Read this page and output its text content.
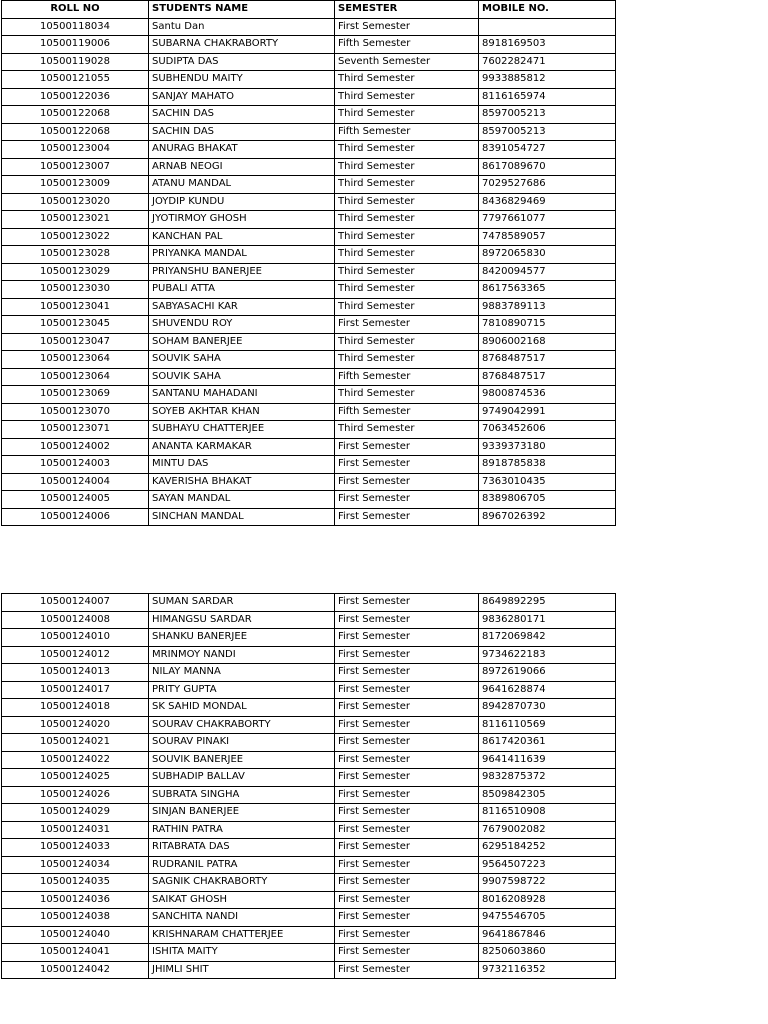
ROLL NO	STUDENTS NAME	SEMESTER	MOBILE NO.
10500118034	Santu Dan	First Semester	
10500119006	SUBARNA CHAKRABORTY	Fifth Semester	8918169503
10500119028	SUDIPTA DAS	Seventh Semester	7602282471
10500121055	SUBHENDU MAITY	Third Semester	9933885812
10500122036	SANJAY MAHATO	Third Semester	8116165974
10500122068	SACHIN DAS	Third Semester	8597005213
10500122068	SACHIN DAS	Fifth Semester	8597005213
10500123004	ANURAG BHAKAT	Third Semester	8391054727
10500123007	ARNAB NEOGI	Third Semester	8617089670
10500123009	ATANU MANDAL	Third Semester	7029527686
10500123020	JOYDIP KUNDU	Third Semester	8436829469
10500123021	JYOTIRMOY GHOSH	Third Semester	7797661077
10500123022	KANCHAN PAL	Third Semester	7478589057
10500123028	PRIYANKA MANDAL	Third Semester	8972065830
10500123029	PRIYANSHU BANERJEE	Third Semester	8420094577
10500123030	PUBALI ATTA	Third Semester	8617563365
10500123041	SABYASACHI KAR	Third Semester	9883789113
10500123045	SHUVENDU ROY	First Semester	7810890715
10500123047	SOHAM BANERJEE	Third Semester	8906002168
10500123064	SOUVIK SAHA	Third Semester	8768487517
10500123064	SOUVIK SAHA	Fifth Semester	8768487517
10500123069	SANTANU MAHADANI	Third Semester	9800874536
10500123070	SOYEB AKHTAR KHAN	Fifth Semester	9749042991
10500123071	SUBHAYU CHATTERJEE	Third Semester	7063452606
10500124002	ANANTA KARMAKAR	First Semester	9339373180
10500124003	MINTU DAS	First Semester	8918785838
10500124004	KAVERISHA BHAKAT	First Semester	7363010435
10500124005	SAYAN MANDAL	First Semester	8389806705
10500124006	SINCHAN MANDAL	First Semester	8967026392
10500124007	SUMAN SARDAR	First Semester	8649892295
10500124008	HIMANGSU SARDAR	First Semester	9836280171
10500124010	SHANKU BANERJEE	First Semester	8172069842
10500124012	MRINMOY NANDI	First Semester	9734622183
10500124013	NILAY MANNA	First Semester	8972619066
10500124017	PRITY GUPTA	First Semester	9641628874
10500124018	SK SAHID MONDAL	First Semester	8942870730
10500124020	SOURAV CHAKRABORTY	First Semester	8116110569
10500124021	SOURAV PINAKI	First Semester	8617420361
10500124022	SOUVIK BANERJEE	First Semester	9641411639
10500124025	SUBHADIP BALLAV	First Semester	9832875372
10500124026	SUBRATA SINGHA	First Semester	8509842305
10500124029	SINJAN BANERJEE	First Semester	8116510908
10500124031	RATHIN PATRA	First Semester	7679002082
10500124033	RITABRATA DAS	First Semester	6295184252
10500124034	RUDRANIL PATRA	First Semester	9564507223
10500124035	SAGNIK CHAKRABORTY	First Semester	9907598722
10500124036	SAIKAT GHOSH	First Semester	8016208928
10500124038	SANCHITA NANDI	First Semester	9475546705
10500124040	KRISHNARAM CHATTERJEE	First Semester	9641867846
10500124041	ISHITA MAITY	First Semester	8250603860
10500124042	JHIMLI SHIT	First Semester	9732116352
